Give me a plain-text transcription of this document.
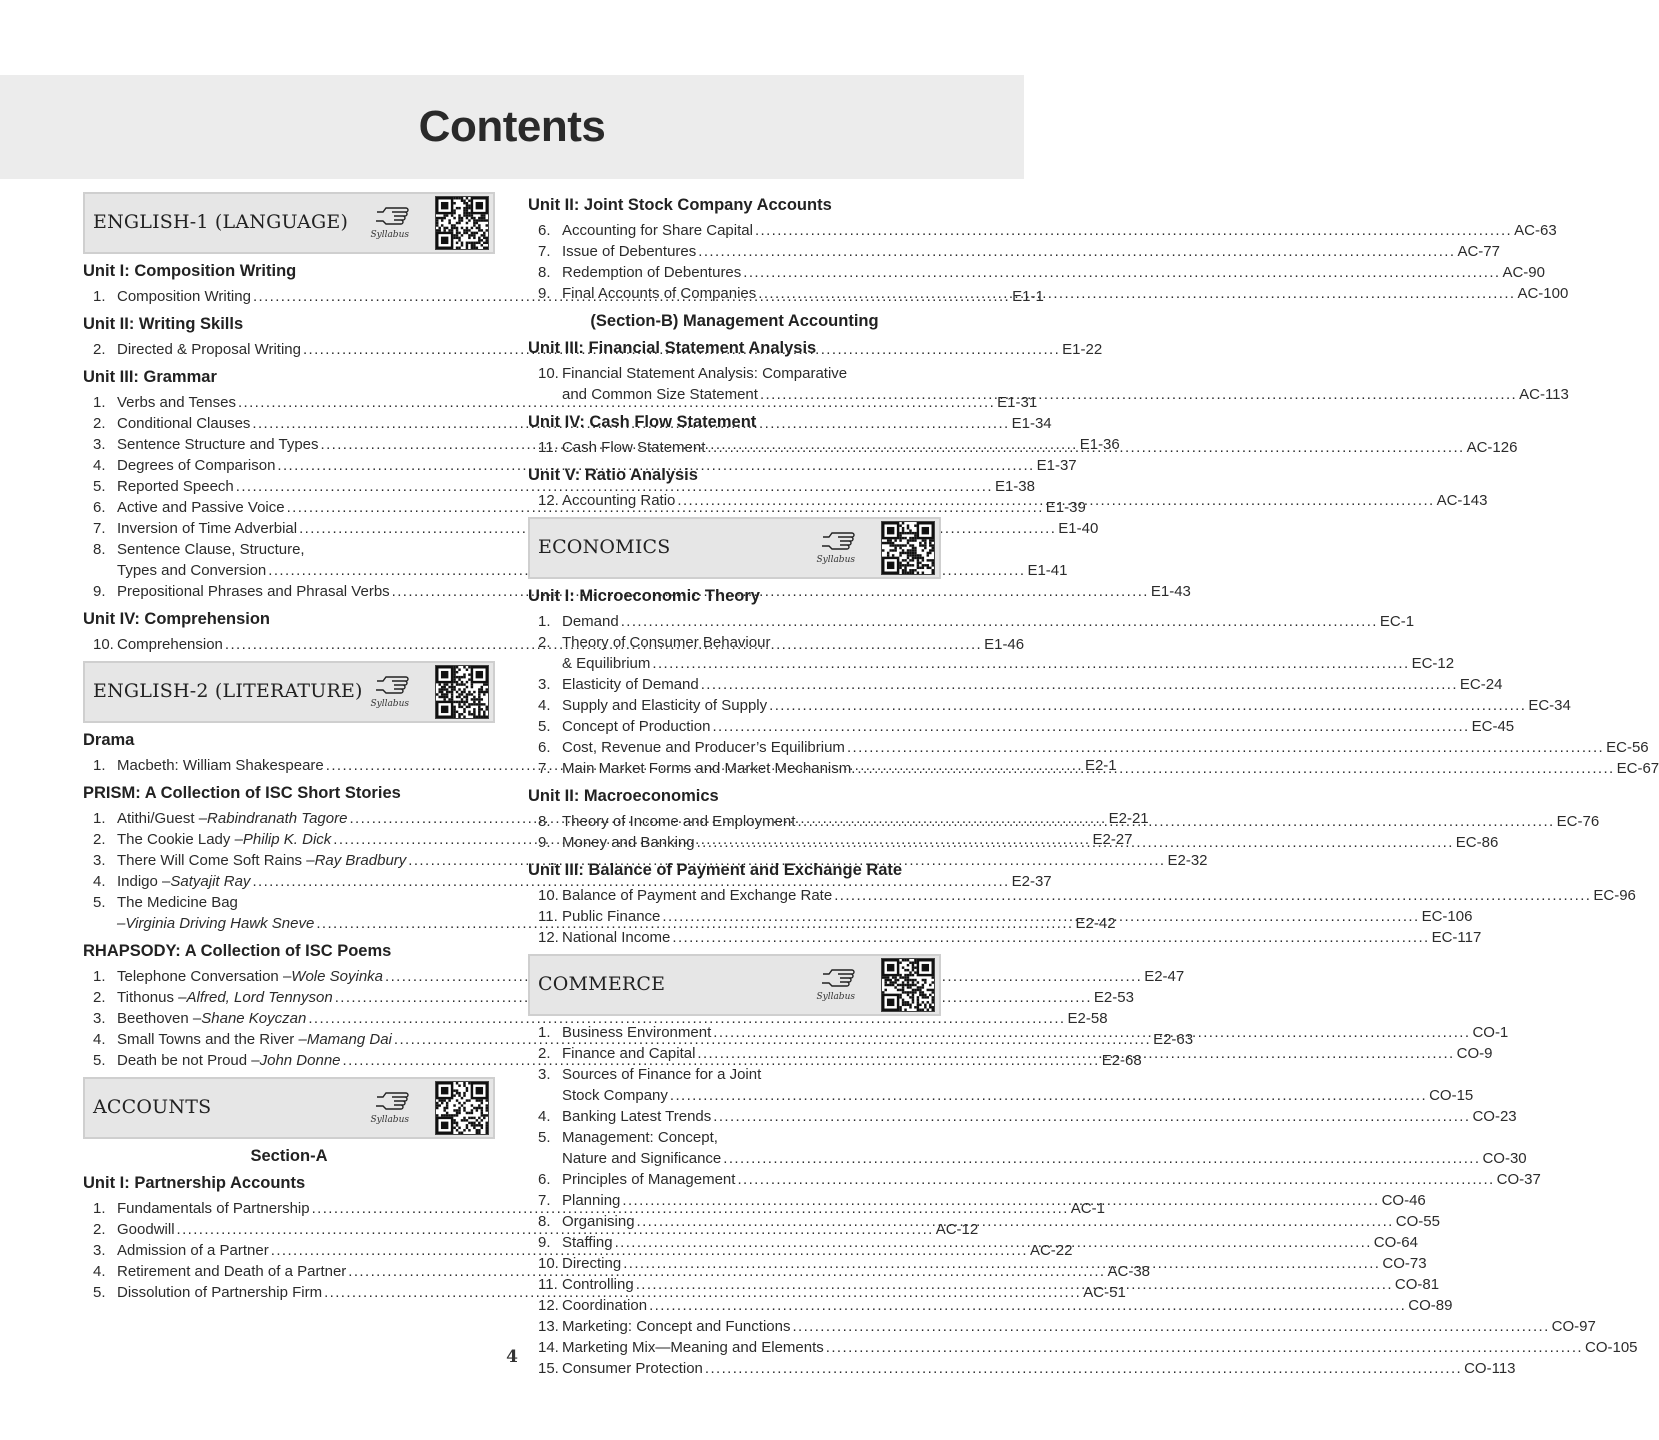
Contents
ENGLISH-1 (LANGUAGE)
Syllabus
Unit I: Composition Writing
1. Composition Writing .....	E1-1
Unit II: Writing Skills
2. Directed & Proposal Writing .....	E1-22
Unit III: Grammar
1. Verbs and Tenses .....	E1-31
2. Conditional Clauses .....	E1-34
3. Sentence Structure and Types .....	E1-36
4. Degrees of Comparison .....	E1-37
5. Reported Speech .....	E1-38
6. Active and Passive Voice .....	E1-39
7. Inversion of Time Adverbial .....	E1-40
8. Sentence Clause, Structure,
Types and Conversion .....	E1-41
9. Prepositional Phrases and Phrasal Verbs .....	E1-43
Unit IV: Comprehension
10. Comprehension .....	E1-46
ENGLISH-2 (LITERATURE)
Syllabus
Drama
1. Macbeth: William Shakespeare .....	E2-1
PRISM: A Collection of ISC Short Stories
1. Atithi/Guest –Rabindranath Tagore .....	E2-21
2. The Cookie Lady –Philip K. Dick .....	E2-27
3. There Will Come Soft Rains –Ray Bradbury .....	E2-32
4. Indigo –Satyajit Ray .....	E2-37
5. The Medicine Bag
–Virginia Driving Hawk Sneve .....	E2-42
RHAPSODY: A Collection of ISC Poems
1. Telephone Conversation –Wole Soyinka .....	E2-47
2. Tithonus –Alfred, Lord Tennyson .....	E2-53
3. Beethoven –Shane Koyczan .....	E2-58
4. Small Towns and the River –Mamang Dai .....	E2-63
5. Death be not Proud –John Donne .....	E2-68
ACCOUNTS
Syllabus
Section-A
Unit I: Partnership Accounts
1. Fundamentals of Partnership .....	AC-1
2. Goodwill .....	AC-12
3. Admission of a Partner .....	AC-22
4. Retirement and Death of a Partner .....	AC-38
5. Dissolution of Partnership Firm .....	AC-51
Unit II: Joint Stock Company Accounts
6. Accounting for Share Capital .....	AC-63
7. Issue of Debentures .....	AC-77
8. Redemption of Debentures .....	AC-90
9. Final Accounts of Companies .....	AC-100
(Section-B) Management Accounting
Unit III: Financial Statement Analysis
10. Financial Statement Analysis: Comparative
and Common Size Statement .....	AC-113
Unit IV: Cash Flow Statement
11. Cash Flow Statement .....	AC-126
Unit V: Ratio Analysis
12. Accounting Ratio .....	AC-143
ECONOMICS
Syllabus
Unit I: Microeconomic Theory
1. Demand .....	EC-1
2. Theory of Consumer Behaviour
& Equilibrium .....	EC-12
3. Elasticity of Demand .....	EC-24
4. Supply and Elasticity of Supply .....	EC-34
5. Concept of Production .....	EC-45
6. Cost, Revenue and Producer’s Equilibrium .....	EC-56
7. Main Market Forms and Market Mechanism. .....	EC-67
Unit II: Macroeconomics
8. Theory of Income and Employment .....	EC-76
9. Money and Banking .....	EC-86
Unit III: Balance of Payment and Exchange Rate
10. Balance of Payment and Exchange Rate .....	EC-96
11. Public Finance .....	EC-106
12. National Income .....	EC-117
COMMERCE
Syllabus
1. Business Environment .....	CO-1
2. Finance and Capital .....	CO-9
3. Sources of Finance for a Joint
Stock Company .....	CO-15
4. Banking Latest Trends .....	CO-23
5. Management: Concept,
Nature and Significance .....	CO-30
6. Principles of Management .....	CO-37
7. Planning .....	CO-46
8. Organising .....	CO-55
9. Staffing .....	CO-64
10. Directing .....	CO-73
11. Controlling .....	CO-81
12. Coordination .....	CO-89
13. Marketing: Concept and Functions .....	CO-97
14. Marketing Mix—Meaning and Elements .....	CO-105
15. Consumer Protection .....	CO-113
4
